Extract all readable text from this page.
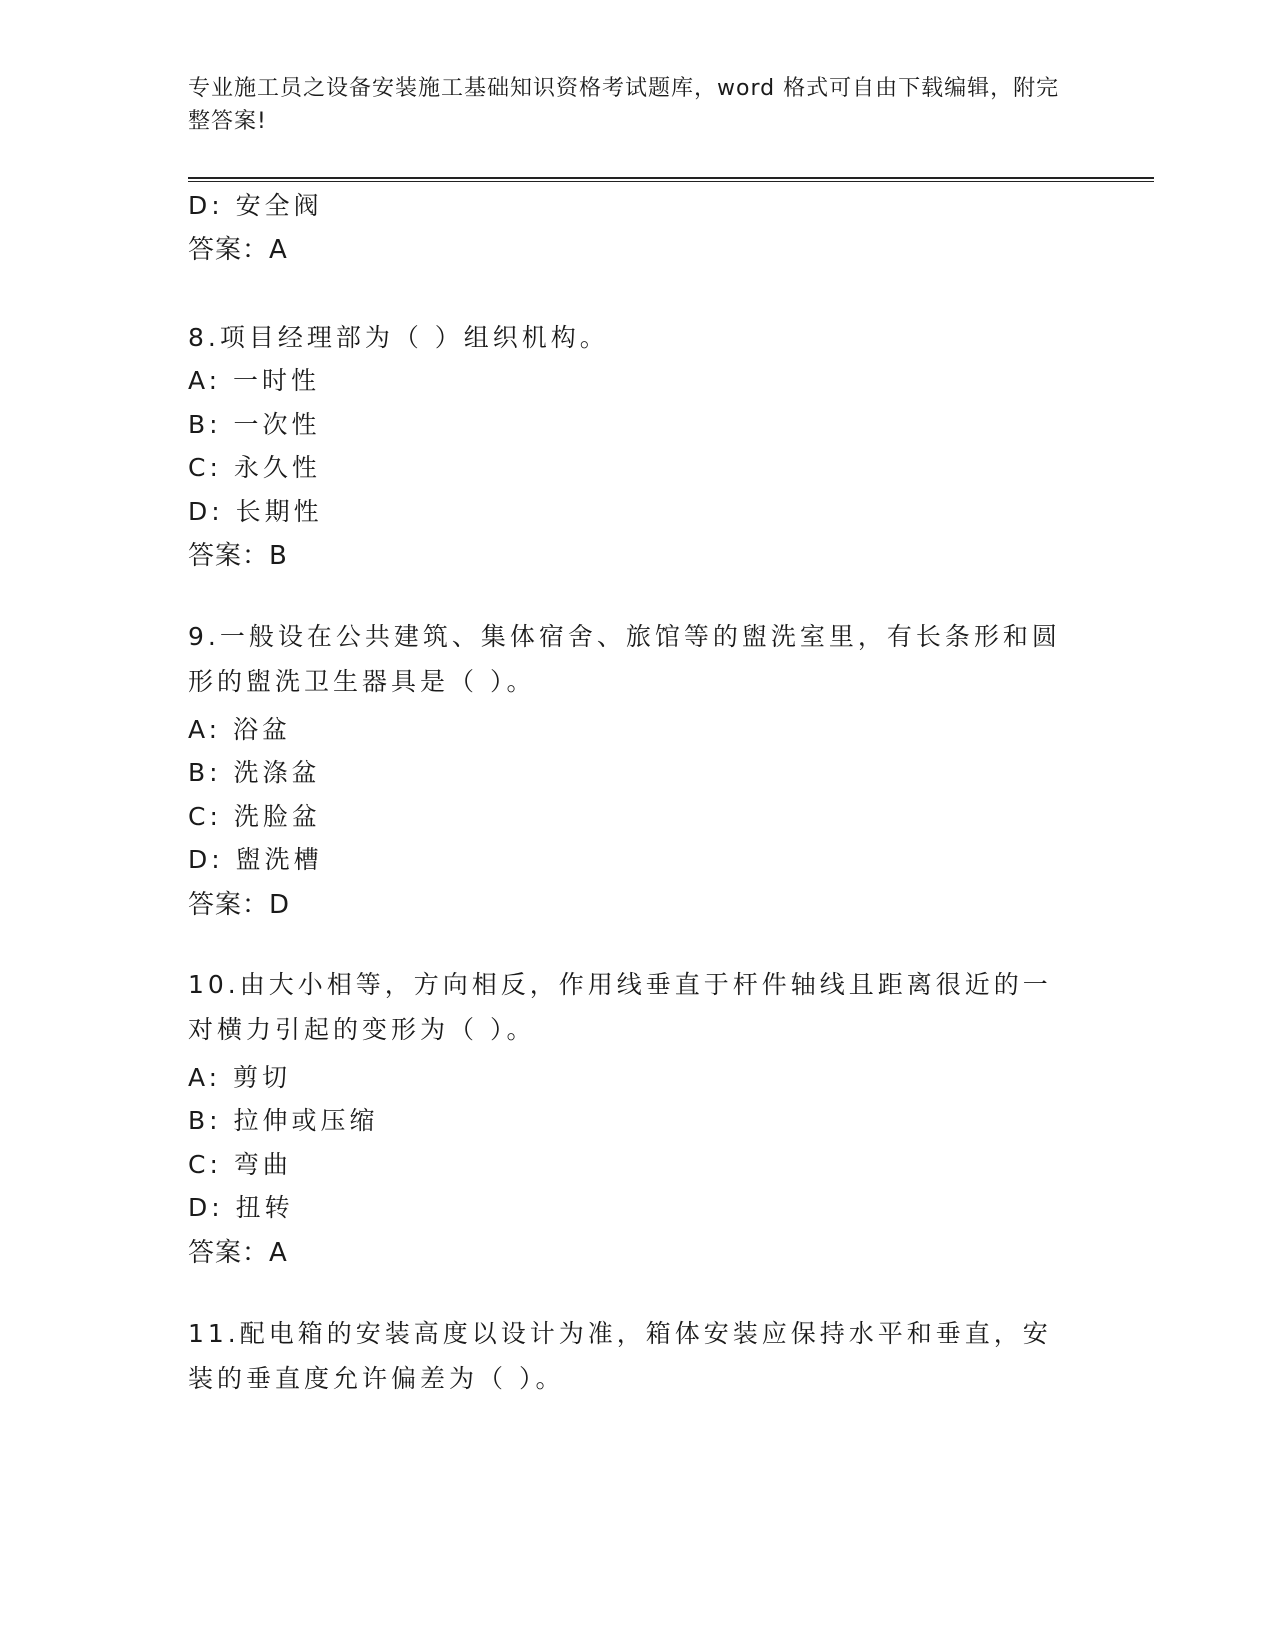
专业施工员之设备安装施工基础知识资格考试题库，word 格式可自由下载编辑，附完整答案!
D: 安全阀
答案：A
8.项目经理部为（ ）组织机构。
A: 一时性
B: 一次性
C: 永久性
D: 长期性
答案：B
9.一般设在公共建筑、集体宿舍、旅馆等的盥洗室里，有长条形和圆形的盥洗卫生器具是（ ）。
A: 浴盆
B: 洗涤盆
C: 洗脸盆
D: 盥洗槽
答案：D
10.由大小相等，方向相反，作用线垂直于杆件轴线且距离很近的一对横力引起的变形为（ ）。
A: 剪切
B: 拉伸或压缩
C: 弯曲
D: 扭转
答案：A
11.配电箱的安装高度以设计为准，箱体安装应保持水平和垂直，安装的垂直度允许偏差为（ ）。
